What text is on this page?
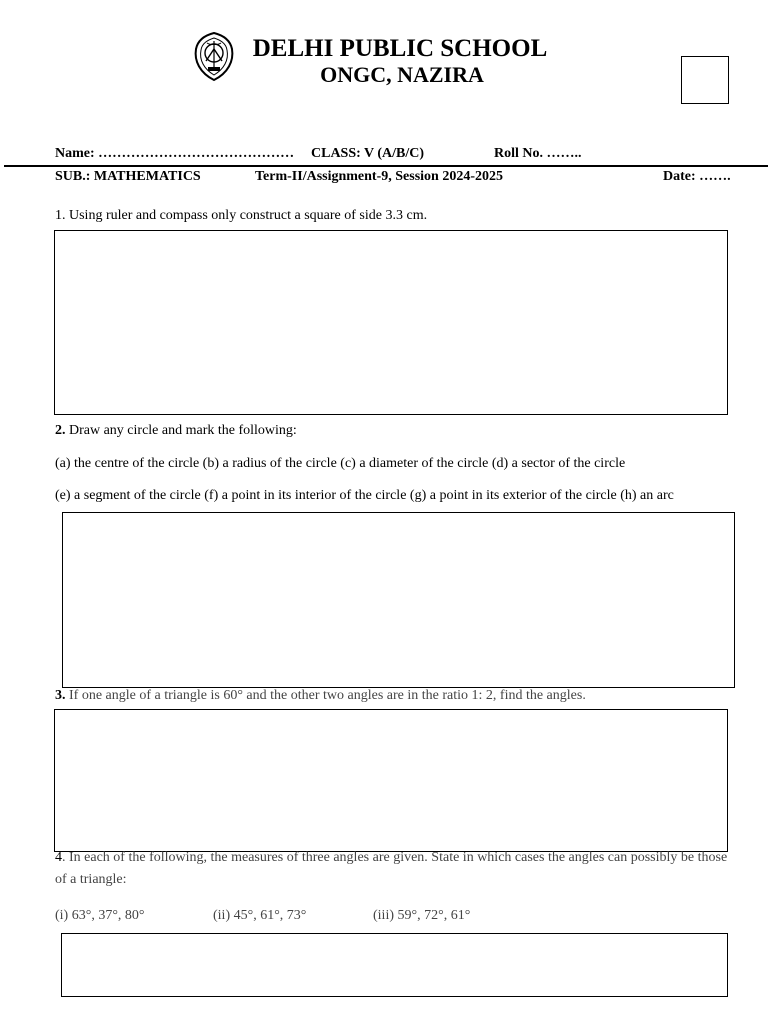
DELHI PUBLIC SCHOOL
ONGC, NAZIRA
Name: …………………………………… CLASS: V (A/B/C)	Roll No. ……..
SUB.: MATHEMATICS	Term-II/Assignment-9, Session 2024-2025	Date: …….
1. Using ruler and compass only construct a square of side 3.3 cm.
2. Draw any circle and mark the following:
(a) the centre of the circle (b) a radius of the circle (c) a diameter of the circle (d) a sector of the circle
(e) a segment of the circle (f) a point in its interior of the circle (g) a point in its exterior of the circle (h) an arc
3. If one angle of a triangle is 60° and the other two angles are in the ratio 1: 2, find the angles.
4. In each of the following, the measures of three angles are given. State in which cases the angles can possibly be those
of a triangle:
(i) 63°, 37°, 80°	(ii) 45°, 61°, 73°	(iii) 59°, 72°, 61°
